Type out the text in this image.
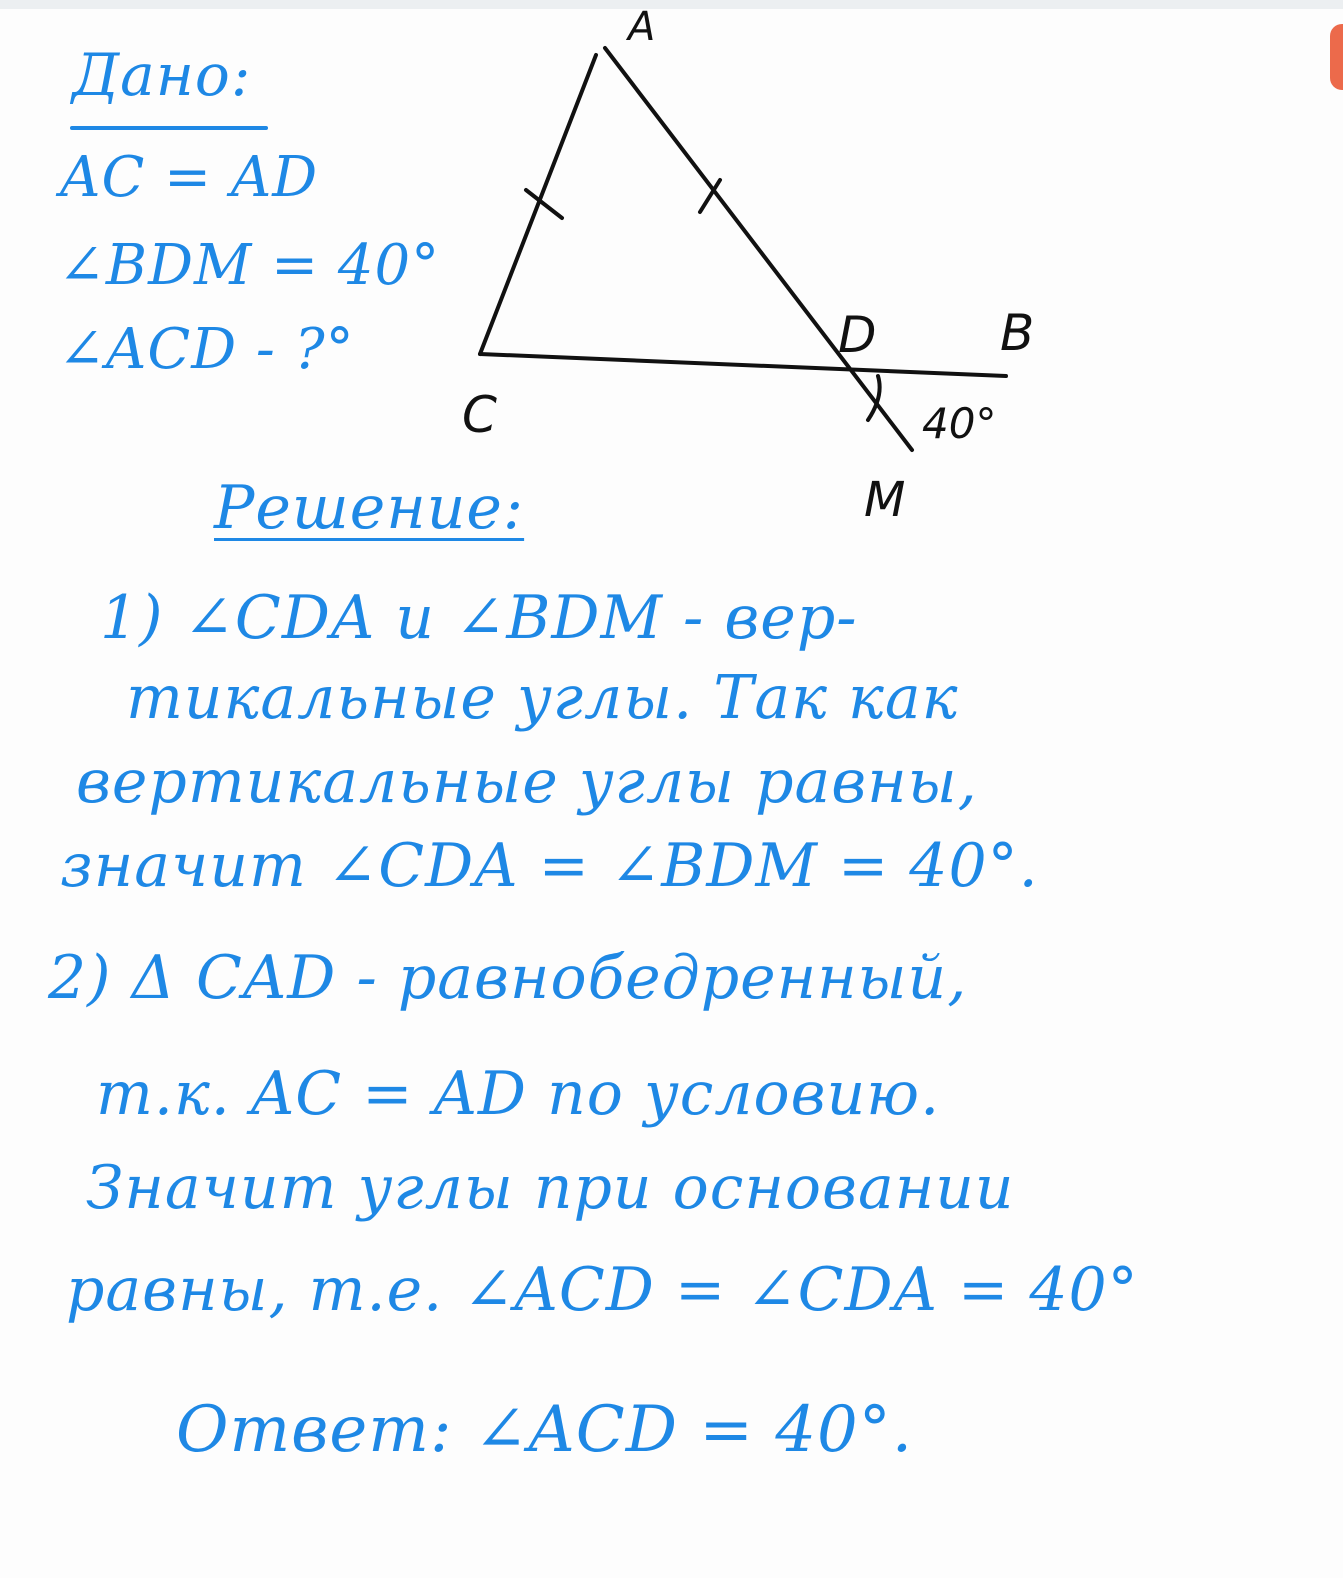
Дано:
AC = AD
∠BDM = 40°
∠ACD - ?°
A
B
C
D
M
40°
Решение:
1) ∠CDA и ∠BDM - вер-
тикальные углы. Так как
вертикальные углы равны,
значит ∠CDA = ∠BDM = 40°.
2) Δ CAD - равнобедренный,
т.к. AC = AD по условию.
Значит углы при основании
равны, т.е. ∠ACD = ∠CDA = 40°
Ответ: ∠ACD = 40°.
